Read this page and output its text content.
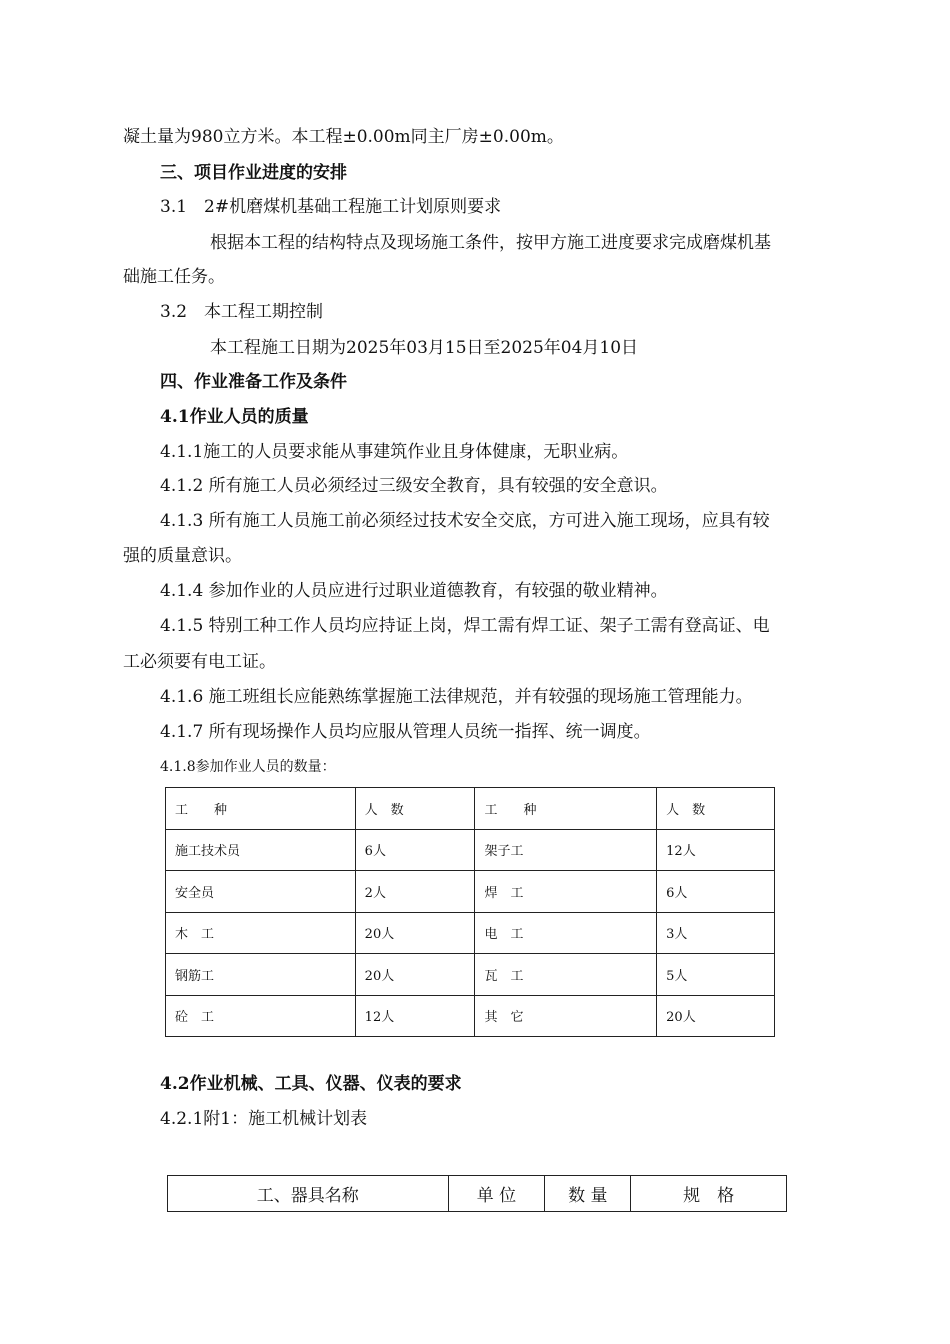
凝土量为980立方米。本工程±0.00m同主厂房±0.00m。
三、项目作业进度的安排
3.1　2#机磨煤机基础工程施工计划原则要求
根据本工程的结构特点及现场施工条件，按甲方施工进度要求完成磨煤机基
础施工任务。
3.2　本工程工期控制
本工程施工日期为2025年03月15日至2025年04月10日
四、作业准备工作及条件
4.1作业人员的质量
4.1.1施工的人员要求能从事建筑作业且身体健康，无职业病。
4.1.2 所有施工人员必须经过三级安全教育，具有较强的安全意识。
4.1.3 所有施工人员施工前必须经过技术安全交底，方可进入施工现场，应具有较
强的质量意识。
4.1.4 参加作业的人员应进行过职业道德教育，有较强的敬业精神。
4.1.5 特别工种工作人员均应持证上岗，焊工需有焊工证、架子工需有登高证、电
工必须要有电工证。
4.1.6 施工班组长应能熟练掌握施工法律规范，并有较强的现场施工管理能力。
4.1.7 所有现场操作人员均应服从管理人员统一指挥、统一调度。
4.1.8参加作业人员的数量：
工　　种	人　数	工　　种	人　数
施工技术员	6人	架子工	12人
安全员	2人	焊　工	6人
木　工	20人	电　工	3人
钢筋工	20人	瓦　工	5人
砼　工	12人	其　它	20人
4.2作业机械、工具、仪器、仪表的要求
4.2.1附1：施工机械计划表
工、器具名称	单 位	数 量	规　格
